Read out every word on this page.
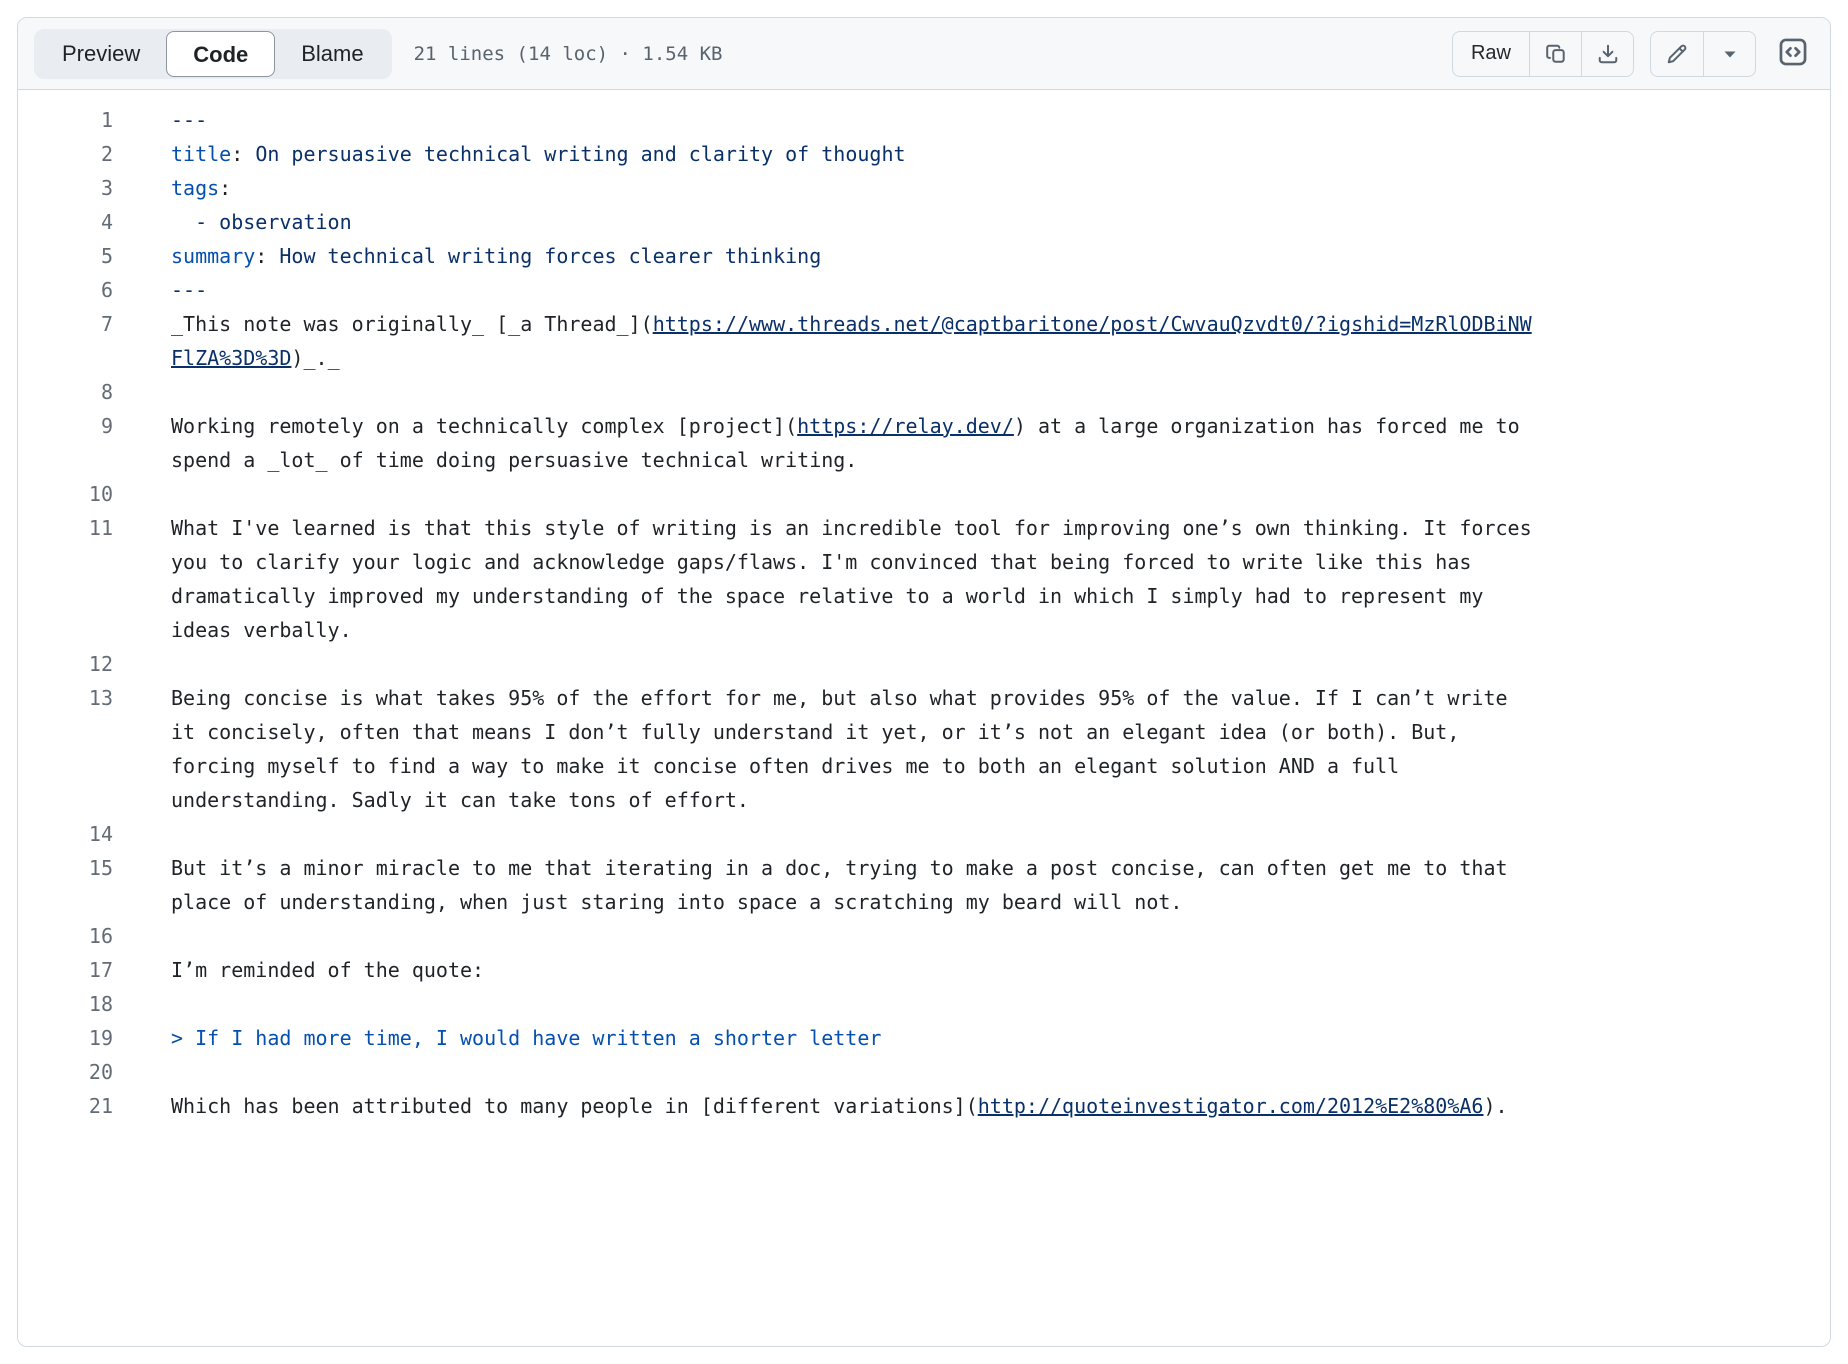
Preview	Code	Blame	21 lines (14 loc) · 1.54 KB	Raw
1	---
2	title: On persuasive technical writing and clarity of thought
3	tags:
4	- observation
5	summary: How technical writing forces clearer thinking
6	---
7	_This note was originally_ [_a Thread_](https://www.threads.net/@captbaritone/post/CwvauQzvdt0/?igshid=MzRlODBiNWFlZA%3D%3D)_._
8

9	Working remotely on a technically complex [project](https://relay.dev/) at a large organization has forced me to spend a _lot_ of time doing persuasive technical writing.
10

11	What I've learned is that this style of writing is an incredible tool for improving one’s own thinking. It forces you to clarify your logic and acknowledge gaps/flaws. I'm convinced that being forced to write like this has dramatically improved my understanding of the space relative to a world in which I simply had to represent my ideas verbally.
12

13	Being concise is what takes 95% of the effort for me, but also what provides 95% of the value. If I can’t write it concisely, often that means I don’t fully understand it yet, or it’s not an elegant idea (or both). But, forcing myself to find a way to make it concise often drives me to both an elegant solution AND a full understanding. Sadly it can take tons of effort.
14

15	But it’s a minor miracle to me that iterating in a doc, trying to make a post concise, can often get me to that place of understanding, when just staring into space a scratching my beard will not.
16

17	I’m reminded of the quote:
18

19	> If I had more time, I would have written a shorter letter
20

21	Which has been attributed to many people in [different variations](http://quoteinvestigator.com/2012%E2%80%A6).
